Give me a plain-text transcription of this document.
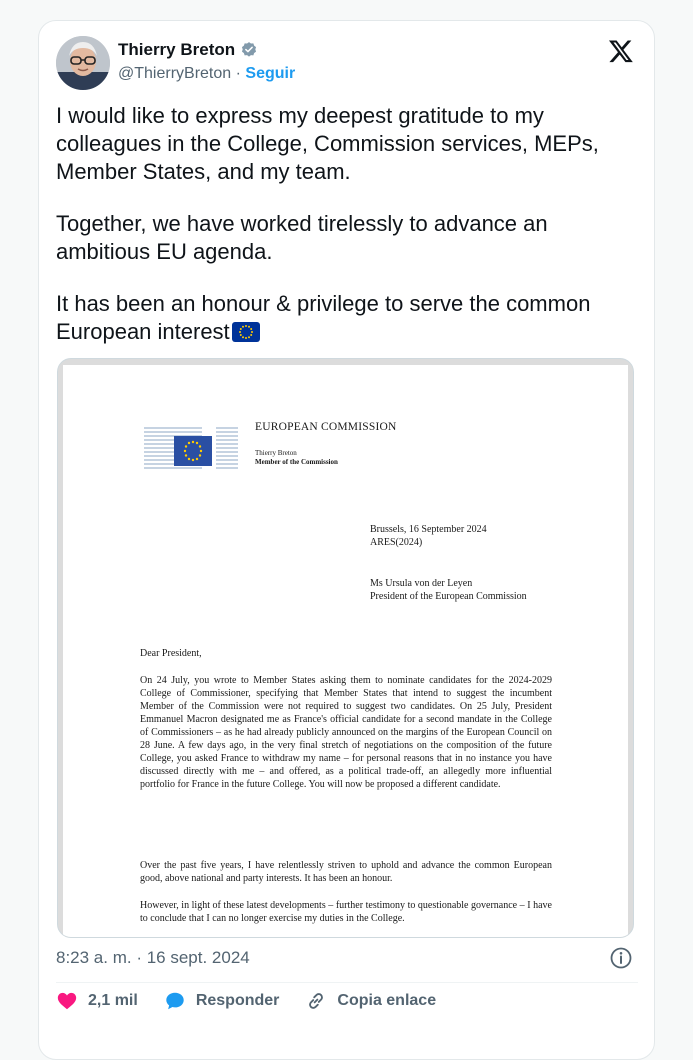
Thierry Breton
@ThierryBreton · Seguir

I would like to express my deepest gratitude to my colleagues in the College, Commission services, MEPs, Member States, and my team.

Together, we have worked tirelessly to advance an ambitious EU agenda.

It has been an honour & privilege to serve the common European interest

EUROPEAN COMMISSION
Thierry Breton
Member of the Commission
Brussels, 16 September 2024
ARES(2024)
Ms Ursula von der Leyen
President of the European Commission
Dear President,
On 24 July, you wrote to Member States asking them to nominate candidates for the 2024-2029 College of Commissioner, specifying that Member States that intend to suggest the incumbent Member of the Commission were not required to suggest two candidates. On 25 July, President Emmanuel Macron designated me as France's official candidate for a second mandate in the College of Commissioners – as he had already publicly announced on the margins of the European Council on 28 June. A few days ago, in the very final stretch of negotiations on the composition of the future College, you asked France to withdraw my name – for personal reasons that in no instance you have discussed directly with me – and offered, as a political trade-off, an allegedly more influential portfolio for France in the future College. You will now be proposed a different candidate.
Over the past five years, I have relentlessly striven to uphold and advance the common European good, above national and party interests. It has been an honour.
However, in light of these latest developments – further testimony to questionable governance – I have to conclude that I can no longer exercise my duties in the College.
8:23 a. m. · 16 sept. 2024
2,1 mil	Responder	Copia enlace
